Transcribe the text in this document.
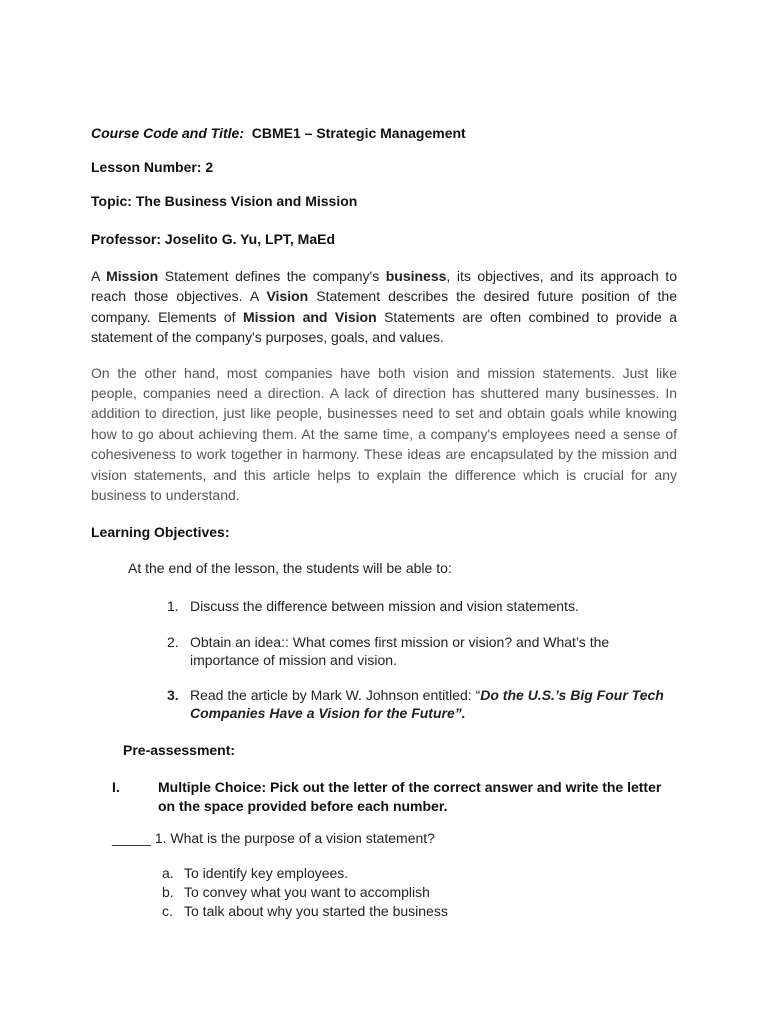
Course Code and Title: CBME1 – Strategic Management

Lesson Number: 2

Topic: The Business Vision and Mission

Professor: Joselito G. Yu, LPT, MaEd

A Mission Statement defines the company's business, its objectives, and its approach to reach those objectives. A Vision Statement describes the desired future position of the company. Elements of Mission and Vision Statements are often combined to provide a statement of the company's purposes, goals, and values.

On the other hand, most companies have both vision and mission statements. Just like people, companies need a direction. A lack of direction has shuttered many businesses. In addition to direction, just like people, businesses need to set and obtain goals while knowing how to go about achieving them. At the same time, a company's employees need a sense of cohesiveness to work together in harmony. These ideas are encapsulated by the mission and vision statements, and this article helps to explain the difference which is crucial for any business to understand.

Learning Objectives:

At the end of the lesson, the students will be able to:

1. Discuss the difference between mission and vision statements.

2. Obtain an idea:: What comes first mission or vision? and What’s the importance of mission and vision.

3. Read the article by Mark W. Johnson entitled: “Do the U.S.’s Big Four Tech Companies Have a Vision for the Future”.

Pre-assessment:

I.	Multiple Choice: Pick out the letter of the correct answer and write the letter on the space provided before each number.

_____ 1. What is the purpose of a vision statement?

a. To identify key employees.
b. To convey what you want to accomplish
c. To talk about why you started the business
